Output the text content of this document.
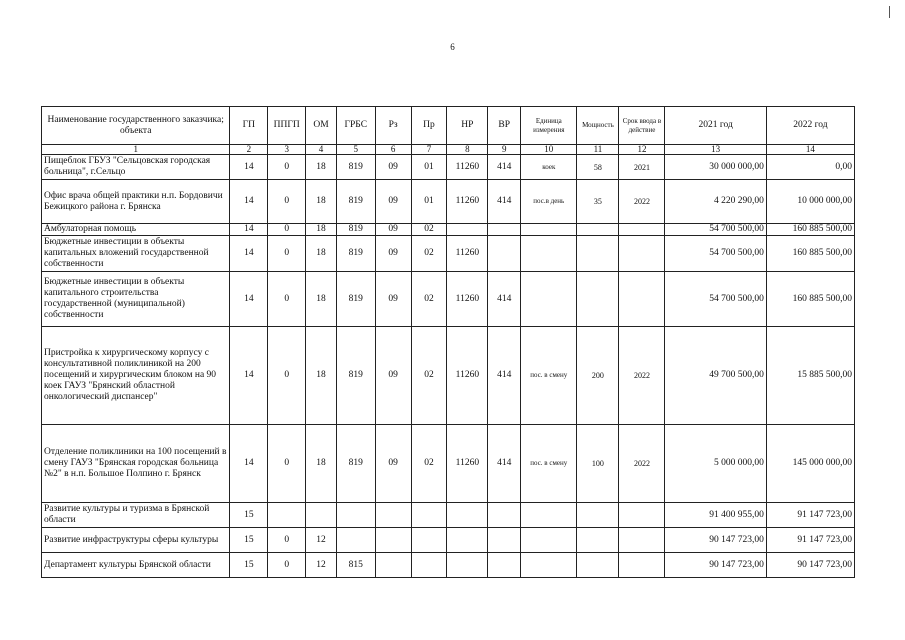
6
Наименование государственного заказчика; объекта	ГП	ППГП	ОМ	ГРБС	Рз	Пр	НР	ВР	Единица измерения	Мощность	Срок ввода в действие	2021 год	2022 год
1	2	3	4	5	6	7	8	9	10	11	12	13	14
Пищеблок ГБУЗ "Сельцовская городская больница", г.Сельцо	14	0	18	819	09	01	11260	414	коек	58	2021	30 000 000,00	0,00
Офис врача общей практики н.п. Бордовичи Бежицкого района г. Брянска	14	0	18	819	09	01	11260	414	пос.в день	35	2022	4 220 290,00	10 000 000,00
Амбулаторная помощь	14	0	18	819	09	02						54 700 500,00	160 885 500,00
Бюджетные инвестиции в объекты капитальных вложений государственной собственности	14	0	18	819	09	02	11260					54 700 500,00	160 885 500,00
Бюджетные инвестиции в объекты капитального строительства государственной (муниципальной) собственности	14	0	18	819	09	02	11260	414				54 700 500,00	160 885 500,00
Пристройка к хирургическому корпусу с консультативной поликлиникой на 200 посещений и хирургическим блоком на 90 коек ГАУЗ "Брянский областной онкологический диспансер"	14	0	18	819	09	02	11260	414	пос. в смену	200	2022	49 700 500,00	15 885 500,00
Отделение поликлиники на 100 посещений в смену ГАУЗ "Брянская городская больница №2" в н.п. Большое Полпино г. Брянск	14	0	18	819	09	02	11260	414	пос. в смену	100	2022	5 000 000,00	145 000 000,00
Развитие культуры и туризма в Брянской области	15											91 400 955,00	91 147 723,00
Развитие инфраструктуры сферы культуры	15	0	12									90 147 723,00	91 147 723,00
Департамент культуры Брянской области	15	0	12	815								90 147 723,00	90 147 723,00
